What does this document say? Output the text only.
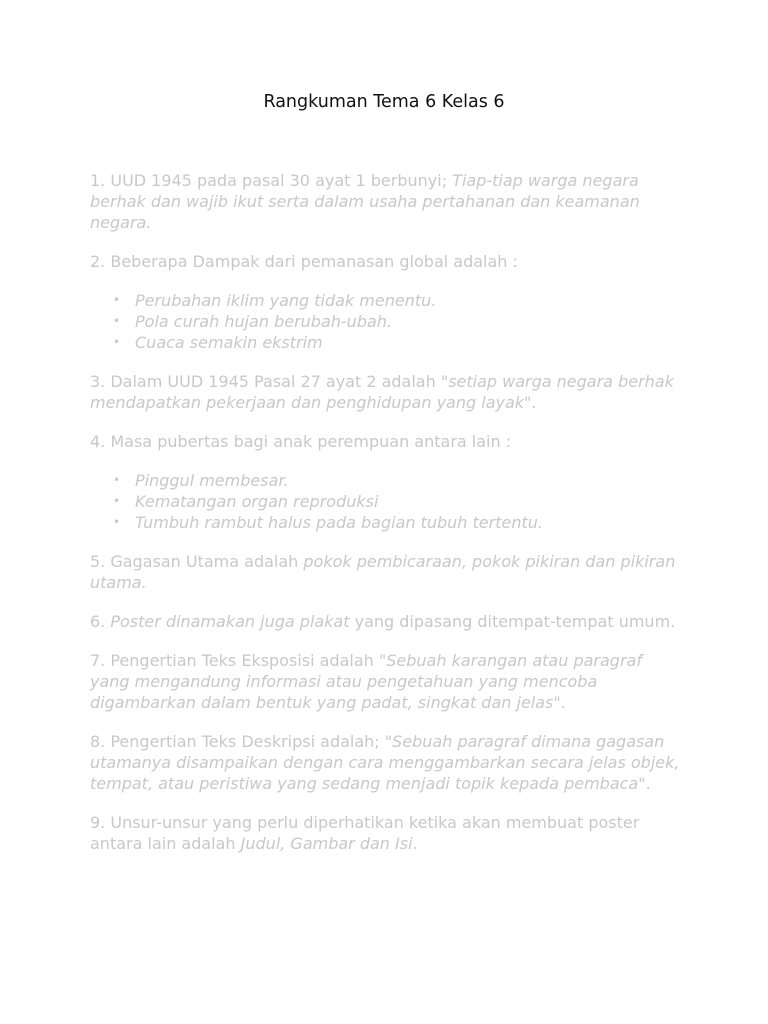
Rangkuman Tema 6 Kelas 6

1. UUD 1945 pada pasal 30 ayat 1 berbunyi; Tiap-tiap warga negara berhak dan wajib ikut serta dalam usaha pertahanan dan keamanan negara.

2. Beberapa Dampak dari pemanasan global adalah :

• Perubahan iklim yang tidak menentu.
• Pola curah hujan berubah-ubah.
• Cuaca semakin ekstrim

3. Dalam UUD 1945 Pasal 27 ayat 2 adalah "setiap warga negara berhak mendapatkan pekerjaan dan penghidupan yang layak".

4. Masa pubertas bagi anak perempuan antara lain :

• Pinggul membesar.
• Kematangan organ reproduksi
• Tumbuh rambut halus pada bagian tubuh tertentu.

5. Gagasan Utama adalah pokok pembicaraan, pokok pikiran dan pikiran utama.

6. Poster dinamakan juga plakat yang dipasang ditempat-tempat umum.

7. Pengertian Teks Eksposisi adalah "Sebuah karangan atau paragraf yang mengandung informasi atau pengetahuan yang mencoba digambarkan dalam bentuk yang padat, singkat dan jelas".

8. Pengertian Teks Deskripsi adalah; "Sebuah paragraf dimana gagasan utamanya disampaikan dengan cara menggambarkan secara jelas objek, tempat, atau peristiwa yang sedang menjadi topik kepada pembaca".

9. Unsur-unsur yang perlu diperhatikan ketika akan membuat poster antara lain adalah Judul, Gambar dan Isi.
